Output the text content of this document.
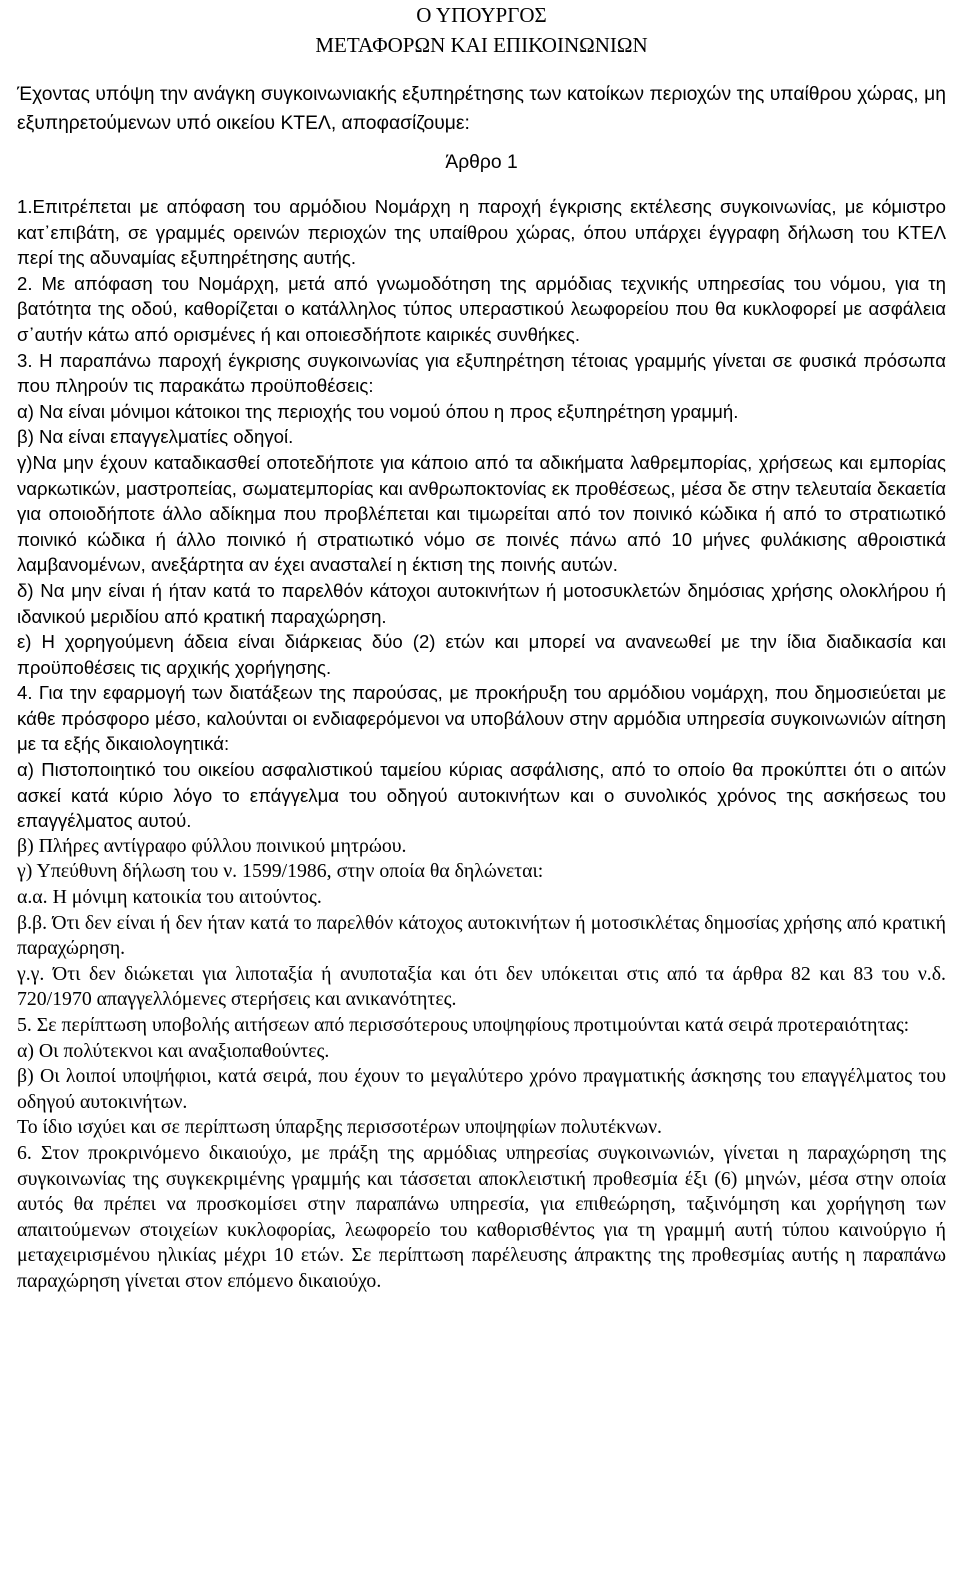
Ο ΥΠΟΥΡΓΟΣ
ΜΕΤΑΦΟΡΩΝ ΚΑΙ ΕΠΙΚΟΙΝΩΝΙΩΝ

Έχοντας υπόψη την ανάγκη συγκοινωνιακής εξυπηρέτησης των κατοίκων περιοχών της υπαίθρου χώρας, μη εξυπηρετούμενων υπό οικείου ΚΤΕΛ, αποφασίζουμε:

Άρθρο 1

1.Επιτρέπεται με απόφαση του αρμόδιου Νομάρχη η παροχή έγκρισης εκτέλεσης συγκοινωνίας, με κόμιστρο κατ᾽επιβάτη, σε γραμμές ορεινών περιοχών της υπαίθρου χώρας, όπου υπάρχει έγγραφη δήλωση του ΚΤΕΛ περί της αδυναμίας εξυπηρέτησης αυτής.

2. Με απόφαση του Νομάρχη, μετά από γνωμοδότηση της αρμόδιας τεχνικής υπηρεσίας του νόμου, για τη βατότητα της οδού, καθορίζεται ο κατάλληλος τύπος υπεραστικού λεωφορείου που θα κυκλοφορεί με ασφάλεια σ᾽αυτήν κάτω από ορισμένες ή και οποιεσδήποτε καιρικές συνθήκες.

3. Η παραπάνω παροχή έγκρισης συγκοινωνίας για εξυπηρέτηση τέτοιας γραμμής γίνεται σε φυσικά πρόσωπα που πληρούν τις παρακάτω προϋποθέσεις:

α) Να είναι μόνιμοι κάτοικοι της περιοχής του νομού όπου η προς εξυπηρέτηση γραμμή.

β) Να είναι επαγγελματίες οδηγοί.

γ)Να μην έχουν καταδικασθεί οποτεδήποτε για κάποιο από τα αδικήματα λαθρεμπορίας, χρήσεως και εμπορίας ναρκωτικών, μαστροπείας, σωματεμπορίας και ανθρωποκτονίας εκ προθέσεως, μέσα δε στην τελευταία δεκαετία για οποιοδήποτε άλλο αδίκημα που προβλέπεται και τιμωρείται από τον ποινικό κώδικα ή από το στρατιωτικό ποινικό κώδικα ή άλλο ποινικό ή στρατιωτικό νόμο σε ποινές πάνω από 10 μήνες φυλάκισης αθροιστικά λαμβανομένων, ανεξάρτητα αν έχει ανασταλεί η έκτιση της ποινής αυτών.

δ) Να μην είναι ή ήταν κατά το παρελθόν κάτοχοι αυτοκινήτων ή μοτοσυκλετών δημόσιας χρήσης ολοκλήρου ή ιδανικού μεριδίου από κρατική παραχώρηση.

ε) Η χορηγούμενη άδεια είναι διάρκειας δύο (2) ετών και μπορεί να ανανεωθεί με την ίδια διαδικασία και προϋποθέσεις τις αρχικής χορήγησης.

4. Για την εφαρμογή των διατάξεων της παρούσας, με προκήρυξη του αρμόδιου νομάρχη, που δημοσιεύεται με κάθε πρόσφορο μέσο, καλούνται οι ενδιαφερόμενοι να υποβάλουν στην αρμόδια υπηρεσία συγκοινωνιών αίτηση με τα εξής δικαιολογητικά:

α) Πιστοποιητικό του οικείου ασφαλιστικού ταμείου κύριας ασφάλισης, από το οποίο θα προκύπτει ότι ο αιτών ασκεί κατά κύριο λόγο το επάγγελμα του οδηγού αυτοκινήτων και ο συνολικός χρόνος της ασκήσεως του επαγγέλματος αυτού.

β) Πλήρες αντίγραφο φύλλου ποινικού μητρώου.

γ) Υπεύθυνη δήλωση του ν. 1599/1986, στην οποία θα δηλώνεται:

α.α. Η μόνιμη κατοικία του αιτούντος.

β.β. Ότι δεν είναι ή δεν ήταν κατά το παρελθόν κάτοχος αυτοκινήτων ή μοτοσικλέτας δημοσίας χρήσης από κρατική παραχώρηση.

γ.γ. Ότι δεν διώκεται για λιποταξία ή ανυποταξία και ότι δεν υπόκειται στις από τα άρθρα 82 και 83 του ν.δ. 720/1970 απαγγελλόμενες στερήσεις και ανικανότητες.

5. Σε περίπτωση υποβολής αιτήσεων από περισσότερους υποψηφίους προτιμούνται κατά σειρά προτεραιότητας:

α) Οι πολύτεκνοι και αναξιοπαθούντες.

β) Οι λοιποί υποψήφιοι, κατά σειρά, που έχουν το μεγαλύτερο χρόνο πραγματικής άσκησης του επαγγέλματος του οδηγού αυτοκινήτων.

Το ίδιο ισχύει και σε περίπτωση ύπαρξης περισσοτέρων υποψηφίων πολυτέκνων.

6. Στον προκρινόμενο δικαιούχο, με πράξη της αρμόδιας υπηρεσίας συγκοινωνιών, γίνεται η παραχώρηση της συγκοινωνίας της συγκεκριμένης γραμμής και τάσσεται αποκλειστική προθεσμία έξι (6) μηνών, μέσα στην οποία αυτός θα πρέπει να προσκομίσει στην παραπάνω υπηρεσία, για επιθεώρηση, ταξινόμηση και χορήγηση των απαιτούμενων στοιχείων κυκλοφορίας, λεωφορείο του καθορισθέντος για τη γραμμή αυτή τύπου καινούργιο ή μεταχειρισμένου ηλικίας μέχρι 10 ετών. Σε περίπτωση παρέλευσης άπρακτης της προθεσμίας αυτής η παραπάνω παραχώρηση γίνεται στον επόμενο δικαιούχο.
